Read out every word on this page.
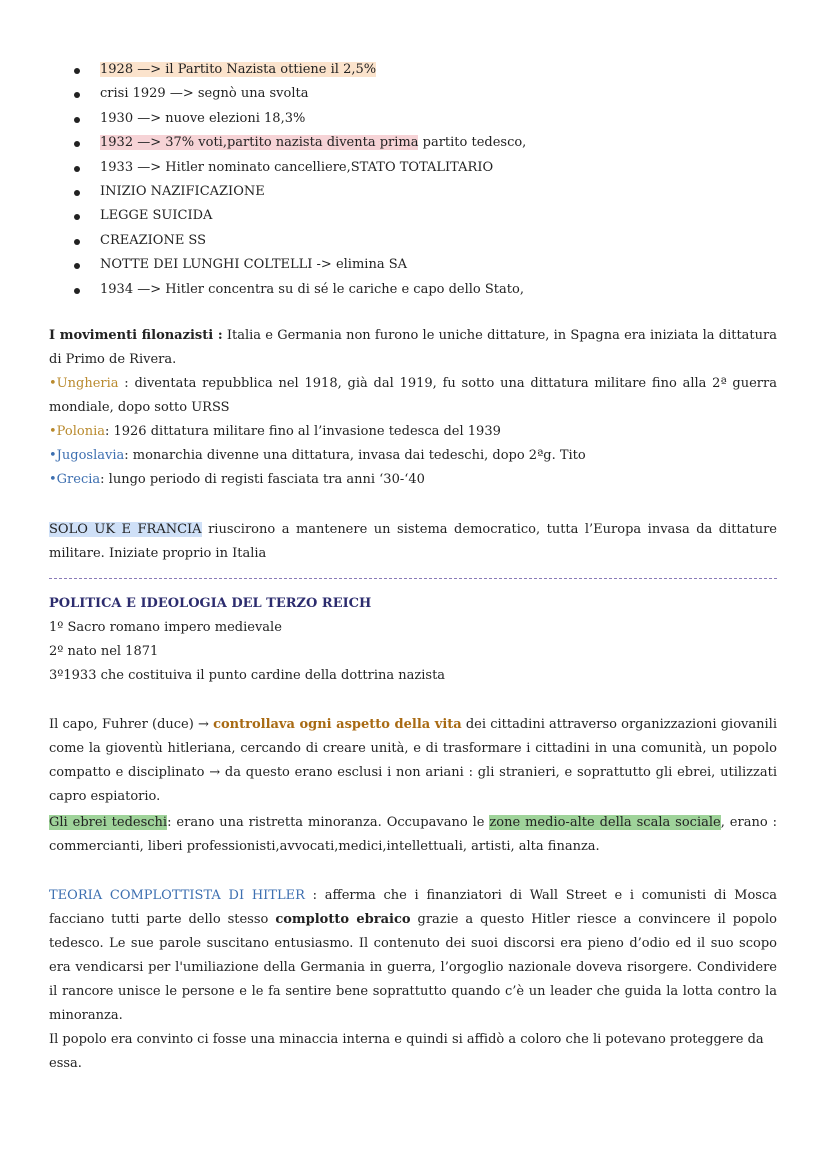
1928 —> il Partito Nazista ottiene il 2,5%
crisi 1929 —> segnò una svolta
1930 —> nuove elezioni 18,3%
1932 —> 37% voti,partito nazista diventa prima partito tedesco,
1933 —> Hitler nominato cancelliere,STATO TOTALITARIO
INIZIO NAZIFICAZIONE
LEGGE SUICIDA
CREAZIONE SS
NOTTE DEI LUNGHI COLTELLI -> elimina SA
1934 —> Hitler concentra su di sé le cariche e capo dello Stato,

I movimenti filonazisti : Italia e Germania non furono le uniche dittature, in Spagna era iniziata la dittatura di Primo de Rivera.

•Ungheria : diventata repubblica nel 1918, già dal 1919, fu sotto una dittatura militare fino alla 2ª guerra mondiale, dopo sotto URSS

•Polonia: 1926 dittatura militare fino al l’invasione tedesca del 1939

•Jugoslavia: monarchia divenne una dittatura, invasa dai tedeschi, dopo 2ªg. Tito

•Grecia: lungo periodo di registi fasciata tra anni ‘30-‘40

SOLO UK E FRANCIA riuscirono a mantenere un sistema democratico, tutta l’Europa invasa da dittature militare. Iniziate proprio in Italia

POLITICA E IDEOLOGIA DEL TERZO REICH

1º Sacro romano impero medievale

2º nato nel 1871

3º1933 che costituiva il punto cardine della dottrina nazista

Il capo, Fuhrer (duce) → controllava ogni aspetto della vita dei cittadini attraverso organizzazioni giovanili come la gioventù hitleriana, cercando di creare unità, e di trasformare i cittadini in una comunità, un popolo compatto e disciplinato → da questo erano esclusi i non ariani : gli stranieri, e soprattutto gli ebrei, utilizzati capro espiatorio.

Gli ebrei tedeschi: erano una ristretta minoranza. Occupavano le zone medio-alte della scala sociale, erano : commercianti, liberi professionisti,avvocati,medici,intellettuali, artisti, alta finanza.

TEORIA COMPLOTTISTA DI HITLER : afferma che i finanziatori di Wall Street e i comunisti di Mosca facciano tutti parte dello stesso complotto ebraico grazie a questo Hitler riesce a convincere il popolo tedesco. Le sue parole suscitano entusiasmo. Il contenuto dei suoi discorsi era pieno d’odio ed il suo scopo era vendicarsi per l'umiliazione della Germania in guerra, l’orgoglio nazionale doveva risorgere. Condividere il rancore unisce le persone e le fa sentire bene soprattutto quando c’è un leader che guida la lotta contro la minoranza.

Il popolo era convinto ci fosse una minaccia interna e quindi si affidò a coloro che li potevano proteggere da essa.
